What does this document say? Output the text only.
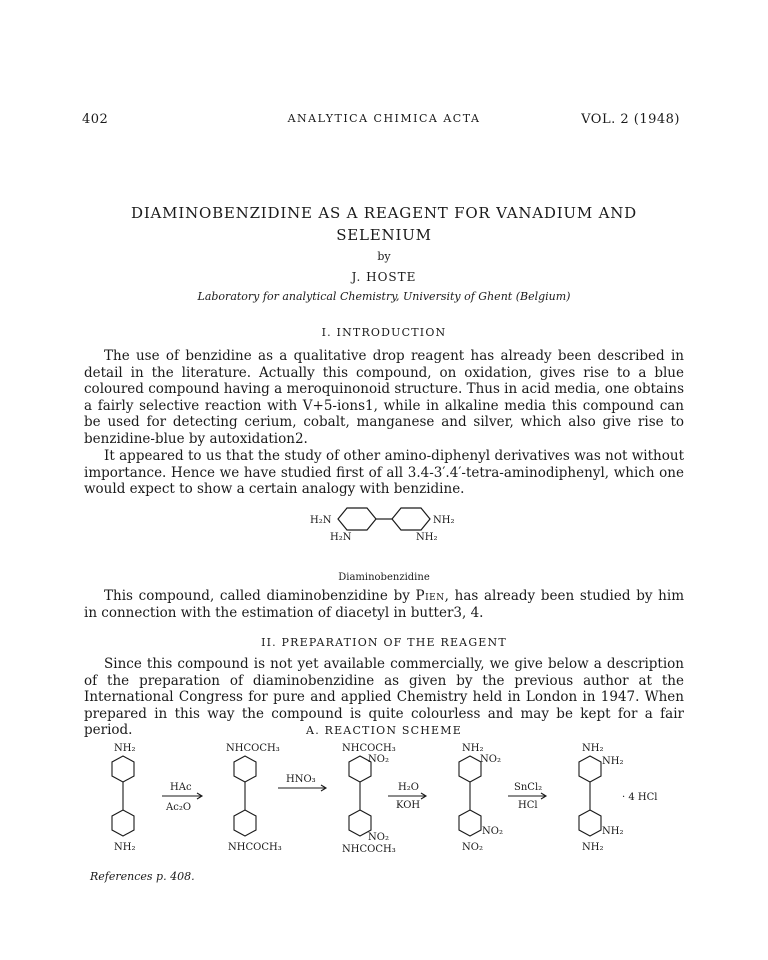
402	ANALYTICA CHIMICA ACTA	VOL. 2 (1948)
DIAMINOBENZIDINE AS A REAGENT FOR VANADIUM AND SELENIUM
by
J. HOSTE
Laboratory for analytical Chemistry, University of Ghent (Belgium)
I. INTRODUCTION

The use of benzidine as a qualitative drop reagent has already been described in detail in the literature. Actually this compound, on oxidation, gives rise to a blue coloured compound having a meroquinonoid structure. Thus in acid media, one obtains a fairly selective reaction with V+5-ions1, while in alkaline media this compound can be used for detecting cerium, cobalt, manganese and silver, which also give rise to benzidine-blue by autoxidation2.

It appeared to us that the study of other amino-diphenyl derivatives was not without importance. Hence we have studied first of all 3.4-3′.4′-tetra-aminodiphenyl, which one would expect to show a certain analogy with benzidine.

H₂N	NH₂
H₂N	NH₂
Diaminobenzidine

This compound, called diaminobenzidine by Pien, has already been studied by him in connection with the estimation of diacetyl in butter3, 4.

II. PREPARATION OF THE REAGENT

Since this compound is not yet available commercially, we give below a description of the preparation of diaminobenzidine as given by the previous author at the International Congress for pure and applied Chemistry held in London in 1947. When prepared in this way the compound is quite colourless and may be kept for a fair period.	A. REACTION SCHEME
NH₂
NH₂
HAc
Ac₂O
NHCOCH₃
NHCOCH₃
HNO₃
NHCOCH₃
NO₂
NO₂
NHCOCH₃
H₂O
KOH
NH₂
NO₂
NO₂
NO₂
SnCl₂
HCl
NH₂
NH₂
NH₂
NH₂
· 4 HCl
References p. 408.
